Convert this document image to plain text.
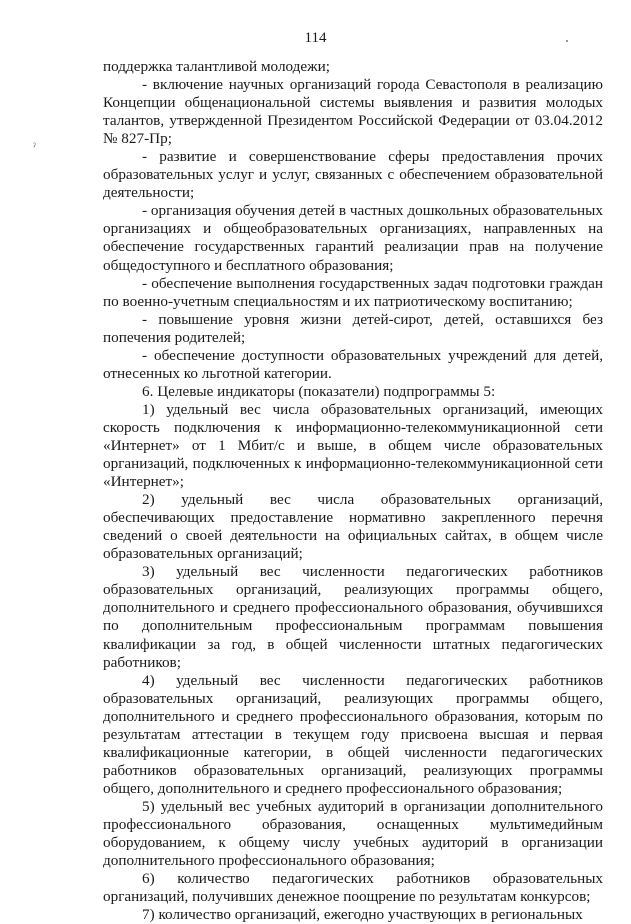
114
ˀ

поддержка талантливой молодежи;

- включение научных организаций города Севастополя в реализацию Концепции общенациональной системы выявления и развития молодых талантов, утвержденной Президентом Российской Федерации от 03.04.2012 № 827-Пр;

- развитие и совершенствование сферы предоставления прочих образовательных услуг и услуг, связанных с обеспечением образовательной деятельности;

- организация обучения детей в частных дошкольных образовательных организациях и общеобразовательных организациях, направленных на обеспечение государственных гарантий реализации прав на получение общедоступного и бесплатного образования;

- обеспечение выполнения государственных задач подготовки граждан по военно-учетным специальностям и их патриотическому воспитанию;

- повышение уровня жизни детей-сирот, детей, оставшихся без попечения родителей;

- обеспечение доступности образовательных учреждений для детей, отнесенных ко льготной категории.

6. Целевые индикаторы (показатели) подпрограммы 5:

1) удельный вес числа образовательных организаций, имеющих скорость подключения к информационно-телекоммуникационной сети «Интернет» от 1 Мбит/с и выше, в общем числе образовательных организаций, подключенных к информационно-телекоммуникационной сети «Интернет»;

2) удельный вес числа образовательных организаций, обеспечивающих предоставление нормативно закрепленного перечня сведений о своей деятельности на официальных сайтах, в общем числе образовательных организаций;

3) удельный вес численности педагогических работников образовательных организаций, реализующих программы общего, дополнительного и среднего профессионального образования, обучившихся по дополнительным профессиональным программам повышения квалификации за год, в общей численности штатных педагогических работников;

4) удельный вес численности педагогических работников образовательных организаций, реализующих программы общего, дополнительного и среднего профессионального образования, которым по результатам аттестации в текущем году присвоена высшая и первая квалификационные категории, в общей численности педагогических работников образовательных организаций, реализующих программы общего, дополнительного и среднего профессионального образования;

5) удельный вес учебных аудиторий в организации дополнительного профессионального образования, оснащенных мультимедийным оборудованием, к общему числу учебных аудиторий в организации дополнительного профессионального образования;

6) количество педагогических работников образовательных организаций, получивших денежное поощрение по результатам конкурсов;

7) количество организаций, ежегодно участвующих в региональных
